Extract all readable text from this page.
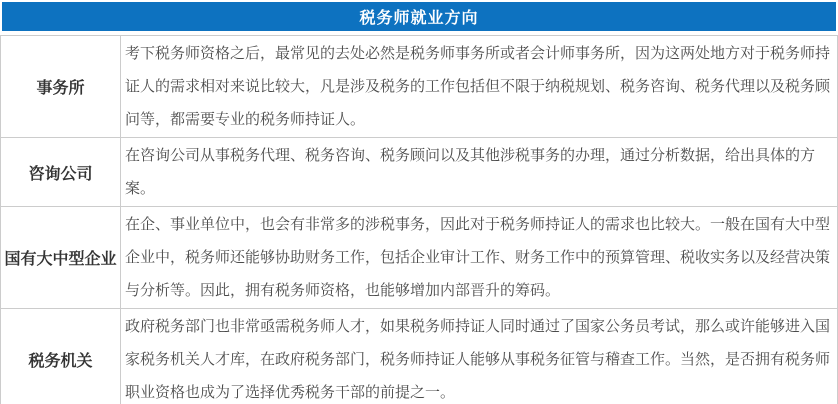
税务师就业方向
事务所	考下税务师资格之后，最常见的去处必然是税务师事务所或者会计师事务所，因为这两处地方对于税务师持证人的需求相对来说比较大，凡是涉及税务的工作包括但不限于纳税规划、税务咨询、税务代理以及税务顾问等，都需要专业的税务师持证人。
咨询公司	在咨询公司从事税务代理、税务咨询、税务顾问以及其他涉税事务的办理，通过分析数据，给出具体的方案。
国有大中型企业	在企、事业单位中，也会有非常多的涉税事务，因此对于税务师持证人的需求也比较大。一般在国有大中型企业中，税务师还能够协助财务工作，包括企业审计工作、财务工作中的预算管理、税收实务以及经营决策与分析等。因此，拥有税务师资格，也能够增加内部晋升的筹码。
税务机关	政府税务部门也非常亟需税务师人才，如果税务师持证人同时通过了国家公务员考试，那么或许能够进入国家税务机关人才库，在政府税务部门，税务师持证人能够从事税务征管与稽查工作。当然，是否拥有税务师职业资格也成为了选择优秀税务干部的前提之一。
